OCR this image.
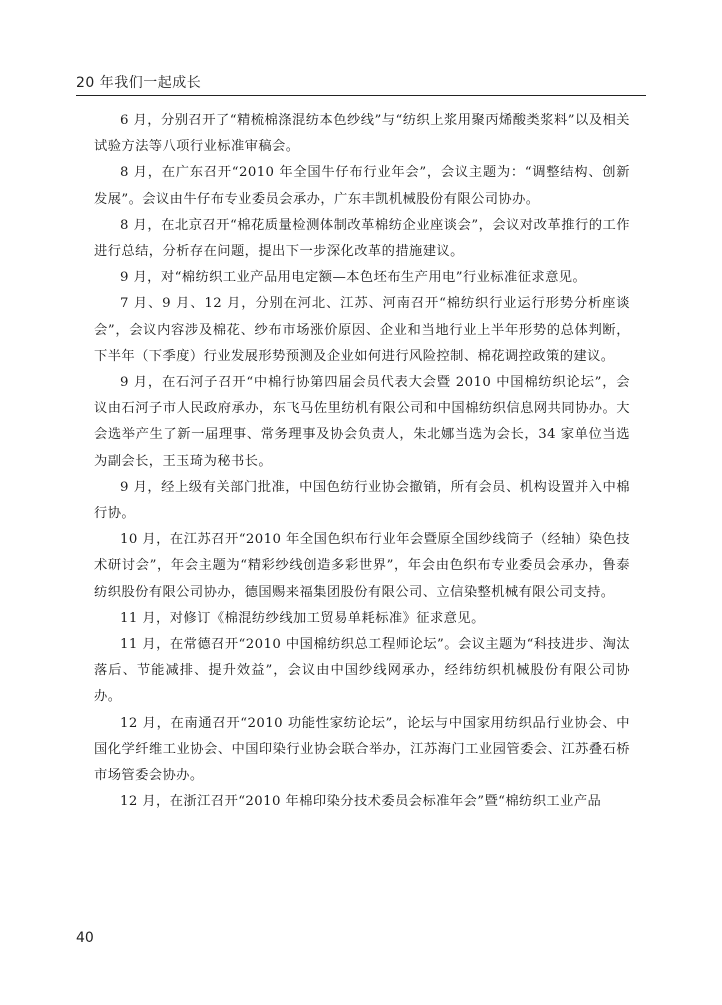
20 年我们一起成长

6 月，分别召开了“精梳棉涤混纺本色纱线”与“纺织上浆用聚丙烯酸类浆料”以及相关试验方法等八项行业标准审稿会。

8 月，在广东召开“2010 年全国牛仔布行业年会”，会议主题为：“调整结构、创新发展”。会议由牛仔布专业委员会承办，广东丰凯机械股份有限公司协办。

8 月，在北京召开“棉花质量检测体制改革棉纺企业座谈会”，会议对改革推行的工作进行总结，分析存在问题，提出下一步深化改革的措施建议。

9 月，对“棉纺织工业产品用电定额—本色坯布生产用电”行业标准征求意见。

7 月、9 月、12 月，分别在河北、江苏、河南召开“棉纺织行业运行形势分析座谈会”，会议内容涉及棉花、纱布市场涨价原因、企业和当地行业上半年形势的总体判断，下半年（下季度）行业发展形势预测及企业如何进行风险控制、棉花调控政策的建议。

9 月，在石河子召开“中棉行协第四届会员代表大会暨 2010 中国棉纺织论坛”，会议由石河子市人民政府承办，东飞马佐里纺机有限公司和中国棉纺织信息网共同协办。大会选举产生了新一届理事、常务理事及协会负责人，朱北娜当选为会长，34 家单位当选为副会长，王玉琦为秘书长。

9 月，经上级有关部门批准，中国色纺行业协会撤销，所有会员、机构设置并入中棉行协。

10 月，在江苏召开“2010 年全国色织布行业年会暨原全国纱线筒子（经轴）染色技术研讨会”，年会主题为“精彩纱线创造多彩世界”，年会由色织布专业委员会承办，鲁泰纺织股份有限公司协办，德国赐来福集团股份有限公司、立信染整机械有限公司支持。

11 月，对修订《棉混纺纱线加工贸易单耗标准》征求意见。

11 月，在常德召开“2010 中国棉纺织总工程师论坛”。会议主题为“科技进步、淘汰落后、节能减排、提升效益”，会议由中国纱线网承办，经纬纺织机械股份有限公司协办。

12 月，在南通召开“2010 功能性家纺论坛”，论坛与中国家用纺织品行业协会、中国化学纤维工业协会、中国印染行业协会联合举办，江苏海门工业园管委会、江苏叠石桥市场管委会协办。

12 月，在浙江召开“2010 年棉印染分技术委员会标准年会”暨“棉纺织工业产品

40
